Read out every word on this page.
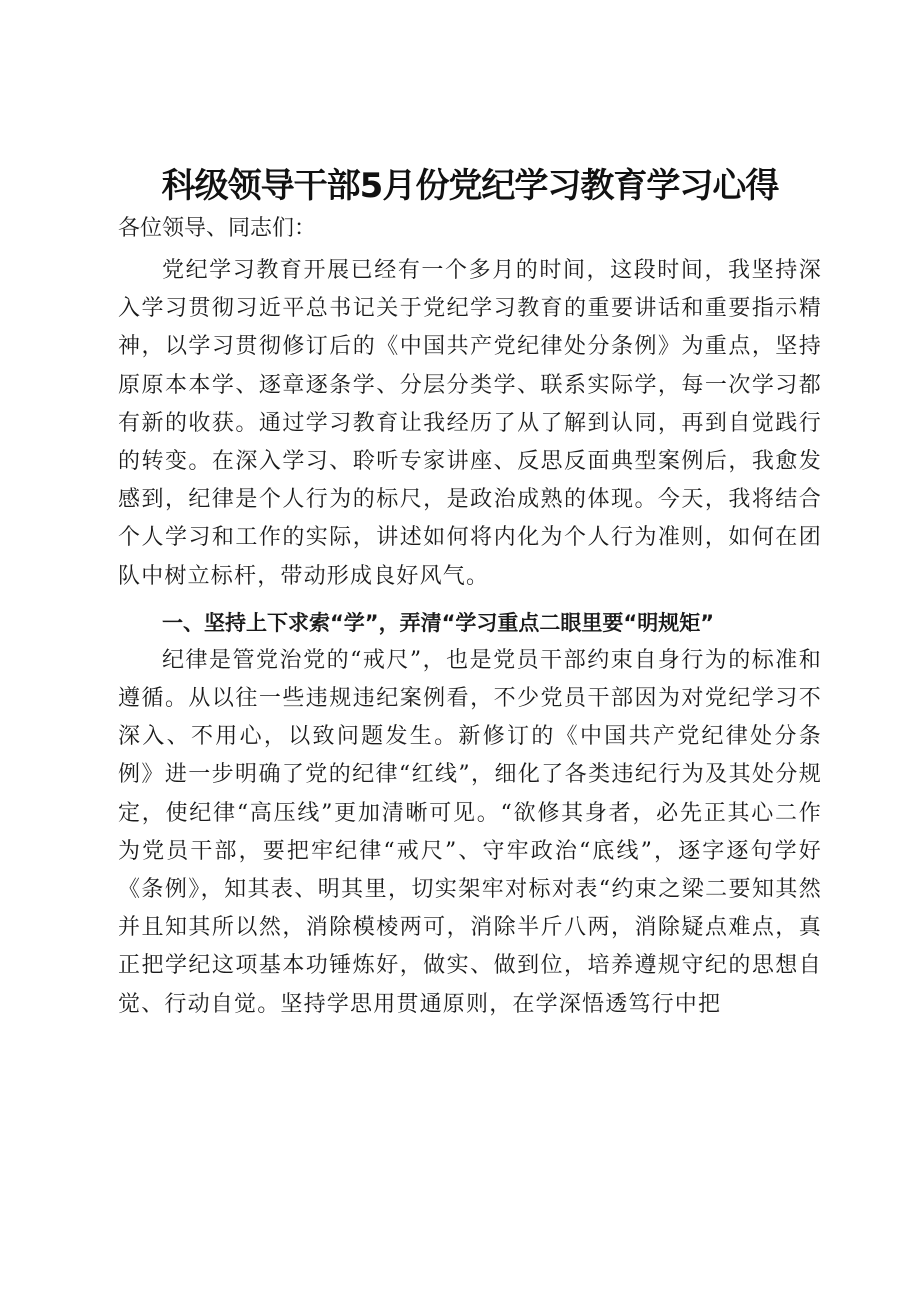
科级领导干部5月份党纪学习教育学习心得

各位领导、同志们：

党纪学习教育开展已经有一个多月的时间，这段时间，我坚持深入学习贯彻习近平总书记关于党纪学习教育的重要讲话和重要指示精神，以学习贯彻修订后的《中国共产党纪律处分条例》为重点，坚持原原本本学、逐章逐条学、分层分类学、联系实际学，每一次学习都有新的收获。通过学习教育让我经历了从了解到认同，再到自觉践行的转变。在深入学习、聆听专家讲座、反思反面典型案例后，我愈发感到，纪律是个人行为的标尺，是政治成熟的体现。今天，我将结合个人学习和工作的实际，讲述如何将内化为个人行为准则，如何在团队中树立标杆，带动形成良好风气。

一、坚持上下求索“学”，弄清“学习重点二眼里要“明规矩”

纪律是管党治党的“戒尺”，也是党员干部约束自身行为的标准和遵循。从以往一些违规违纪案例看，不少党员干部因为对党纪学习不深入、不用心，以致问题发生。新修订的《中国共产党纪律处分条例》进一步明确了党的纪律“红线”，细化了各类违纪行为及其处分规定，使纪律“高压线”更加清晰可见。“欲修其身者，必先正其心二作为党员干部，要把牢纪律“戒尺”、守牢政治“底线”，逐字逐句学好《条例》，知其表、明其里，切实架牢对标对表“约束之梁二要知其然并且知其所以然，消除模棱两可，消除半斤八两，消除疑点难点，真正把学纪这项基本功锤炼好，做实、做到位，培养遵规守纪的思想自觉、行动自觉。坚持学思用贯通原则，在学深悟透笃行中把
